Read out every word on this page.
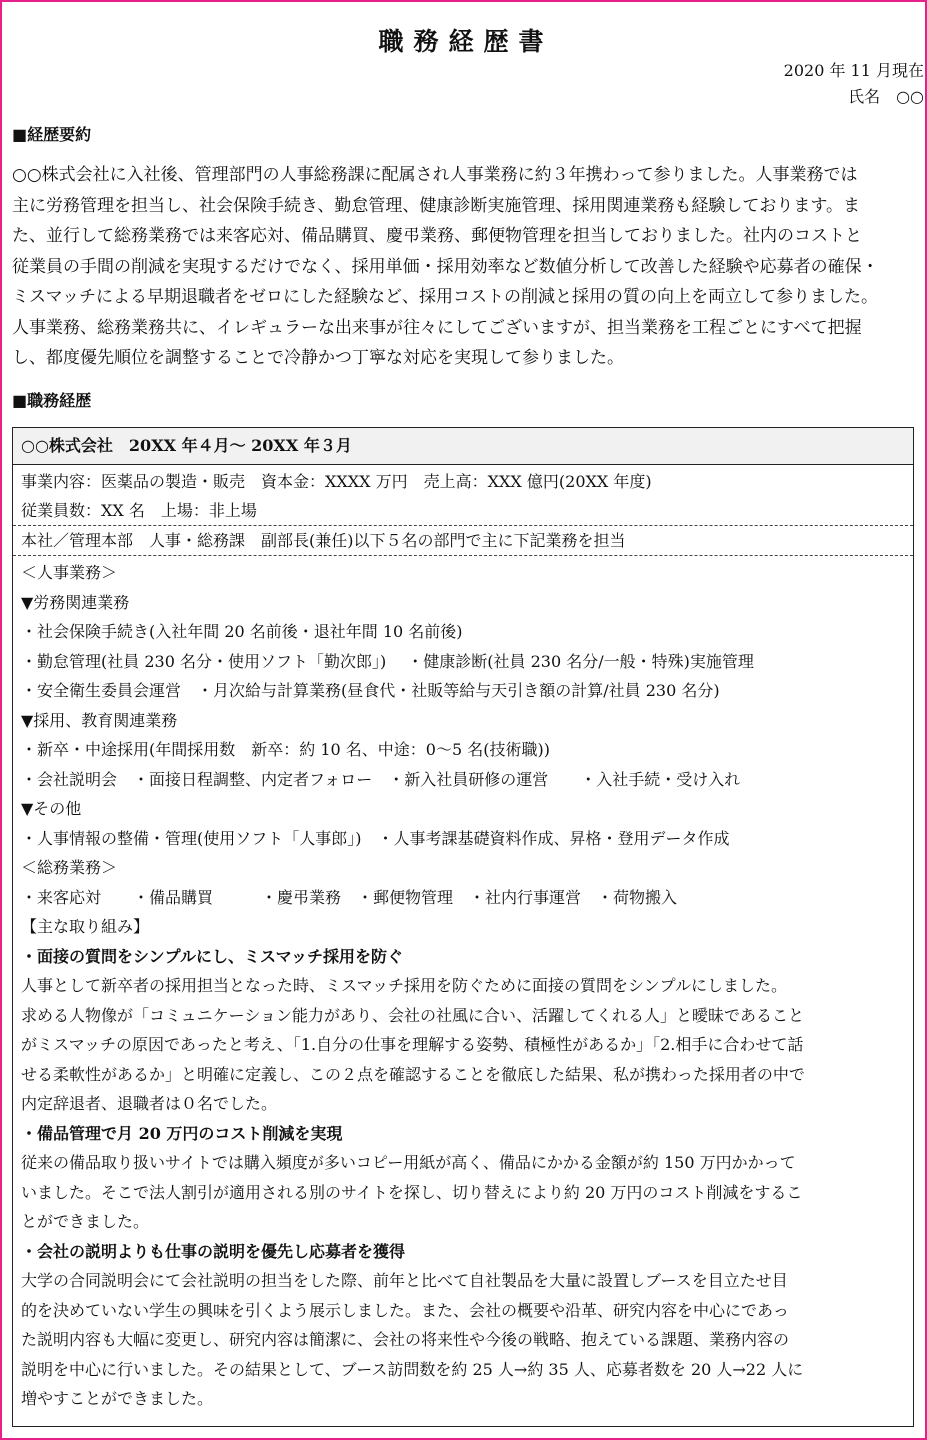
職務経歴書
2020 年 11 月現在
氏名　○○
■経歴要約
○○株式会社に入社後、管理部門の人事総務課に配属され人事業務に約３年携わって参りました。人事業務では
主に労務管理を担当し、社会保険手続き、勤怠管理、健康診断実施管理、採用関連業務も経験しております。ま
た、並行して総務業務では来客応対、備品購買、慶弔業務、郵便物管理を担当しておりました。社内のコストと
従業員の手間の削減を実現するだけでなく、採用単価・採用効率など数値分析して改善した経験や応募者の確保・
ミスマッチによる早期退職者をゼロにした経験など、採用コストの削減と採用の質の向上を両立して参りました。
人事業務、総務業務共に、イレギュラーな出来事が往々にしてございますが、担当業務を工程ごとにすべて把握
し、都度優先順位を調整することで冷静かつ丁寧な対応を実現して参りました。
■職務経歴
○○株式会社　20XX 年４月～ 20XX 年３月
事業内容：医薬品の製造・販売　資本金：XXXX 万円　売上高：XXX 億円(20XX 年度)
従業員数：XX 名　上場：非上場
本社／管理本部　人事・総務課　副部長(兼任)以下５名の部門で主に下記業務を担当
＜人事業務＞
▼労務関連業務
・社会保険手続き(入社年間 20 名前後・退社年間 10 名前後)
・勤怠管理(社員 230 名分・使用ソフト「勤次郎」)　 ・健康診断(社員 230 名分/一般・特殊)実施管理
・安全衛生委員会運営　・月次給与計算業務(昼食代・社販等給与天引き額の計算/社員 230 名分)
▼採用、教育関連業務
・新卒・中途採用(年間採用数　新卒：約 10 名、中途：0～5 名(技術職))
・会社説明会　・面接日程調整、内定者フォロー　・新入社員研修の運営　　・入社手続・受け入れ
▼その他
・人事情報の整備・管理(使用ソフト「人事郎」)　・人事考課基礎資料作成、昇格・登用データ作成
＜総務業務＞
・来客応対　　・備品購買　　　・慶弔業務　・郵便物管理　・社内行事運営　・荷物搬入
【主な取り組み】
・面接の質問をシンプルにし、ミスマッチ採用を防ぐ
人事として新卒者の採用担当となった時、ミスマッチ採用を防ぐために面接の質問をシンプルにしました。
求める人物像が「コミュニケーション能力があり、会社の社風に合い、活躍してくれる人」と曖昧であること
がミスマッチの原因であったと考え、「1.自分の仕事を理解する姿勢、積極性があるか」「2.相手に合わせて話
せる柔軟性があるか」と明確に定義し、この２点を確認することを徹底した結果、私が携わった採用者の中で
内定辞退者、退職者は０名でした。
・備品管理で月 20 万円のコスト削減を実現
従来の備品取り扱いサイトでは購入頻度が多いコピー用紙が高く、備品にかかる金額が約 150 万円かかって
いました。そこで法人割引が適用される別のサイトを探し、切り替えにより約 20 万円のコスト削減をするこ
とができました。
・会社の説明よりも仕事の説明を優先し応募者を獲得
大学の合同説明会にて会社説明の担当をした際、前年と比べて自社製品を大量に設置しブースを目立たせ目
的を決めていない学生の興味を引くよう展示しました。また、会社の概要や沿革、研究内容を中心にであっ
た説明内容も大幅に変更し、研究内容は簡潔に、会社の将来性や今後の戦略、抱えている課題、業務内容の
説明を中心に行いました。その結果として、ブース訪問数を約 25 人→約 35 人、応募者数を 20 人→22 人に
増やすことができました。
